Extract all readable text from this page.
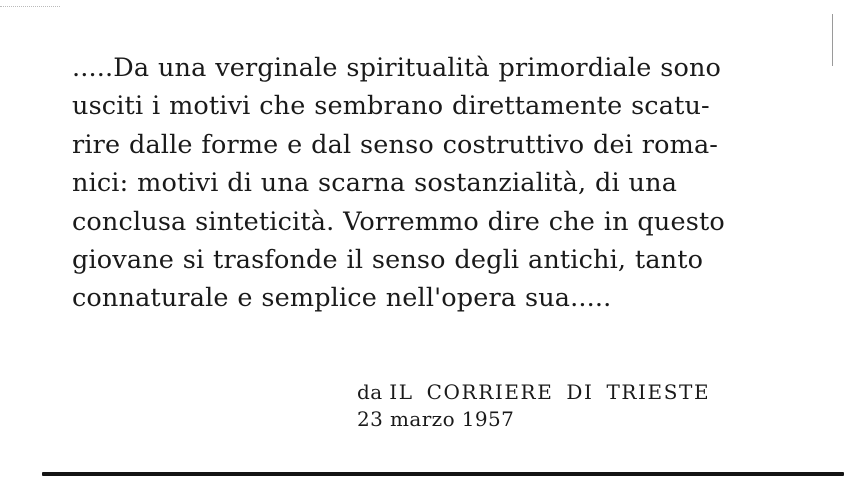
.....Da una verginale spiritualità primordiale sono
usciti i motivi che sembrano direttamente scatu-
rire dalle forme e dal senso costruttivo dei roma-
nici: motivi di una scarna sostanzialità, di una
conclusa sinteticità. Vorremmo dire che in questo
giovane si trasfonde il senso degli antichi, tanto
connaturale e semplice nell'opera sua.....
da IL CORRIERE DI TRIESTE
23 marzo 1957
